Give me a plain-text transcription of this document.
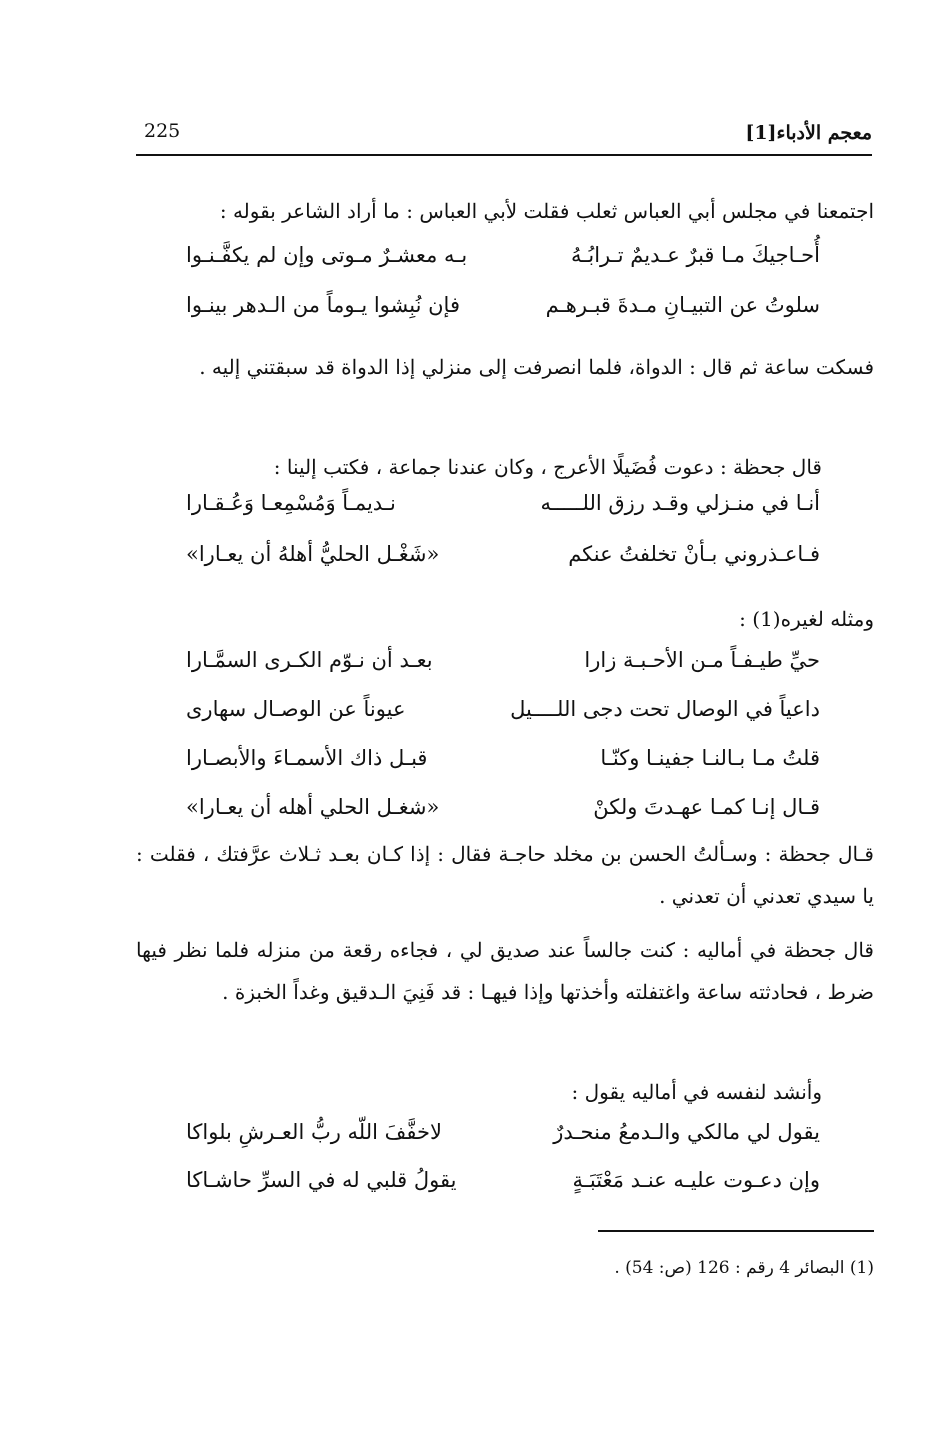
معجم الأدباء[1]
225
اجتمعنا في مجلس أبي العباس ثعلب فقلت لأبي العباس : ما أراد الشاعر بقوله :
أُحـاجيكَ مـا قبرٌ عـديمٌ تـرابُـهُ
بـه معشـرٌ مـوتى وإن لم يكفَّـنـوا
سلوتُ عن التبيـانِ مـدةَ قبـرهـم
فإن نُبِشوا يـوماً من الـدهر بينـوا
فسكت ساعة ثم قال : الدواة، فلما انصرفت إلى منزلي إذا الدواة قد سبقتني إليه .
قال جحظة : دعوت فُضَيلًا الأعرج ، وكان عندنا جماعة ، فكتب إلينا :
أنـا في منـزلي وقـد رزق اللـــــه
نـديمـاً وَمُسْمِعـا وَعُـقـارا
فـاعـذروني بـأنْ تخلفتُ عنكم
«شَغْـل الحليُّ أهلهُ أن يعـارا»
ومثله لغيره(1) :
حيِّ طيـفـاً مـن الأحـبـة زارا
بعـد أن نـوّم الكـرى السمَّـارا
داعياً في الوصال تحت دجى اللــــيل
عيوناً عن الوصـال سهارى
قلتُ مـا بـالنـا جفينـا وكنّـا
قبـل ذاك الأسمـاءَ والأبصـارا
قـال إنـا كمـا عهـدتَ ولكنْ
«شغـل الحلي أهله أن يعـارا»
قـال جحظة : وسـألتُ الحسن بن مخلد حاجـة فقال : إذا كـان بعـد ثـلاث عرَّفتك ، فقلت : يا سيدي تعدني أن تعدني .
قال جحظة في أماليه : كنت جالساً عند صديق لي ، فجاءه رقعة من منزله فلما نظر فيها ضرط ، فحادثته ساعة واغتفلته وأخذتها وإذا فيهـا : قد فَنِيَ الـدقيق وغداً الخبزة .
وأنشد لنفسه في أماليه يقول :
يقول لي مالكي والـدمعُ منحـدرٌ
لاخفَّفَ اللّه ربُّ العـرشِ بلواكا
وإن دعـوت عليـه عنـد مَعْتَبَـةٍ
يقولُ قلبي له في السرِّ حاشـاكا
(1) البصائر 4 رقم : 126 (ص: 54) .
